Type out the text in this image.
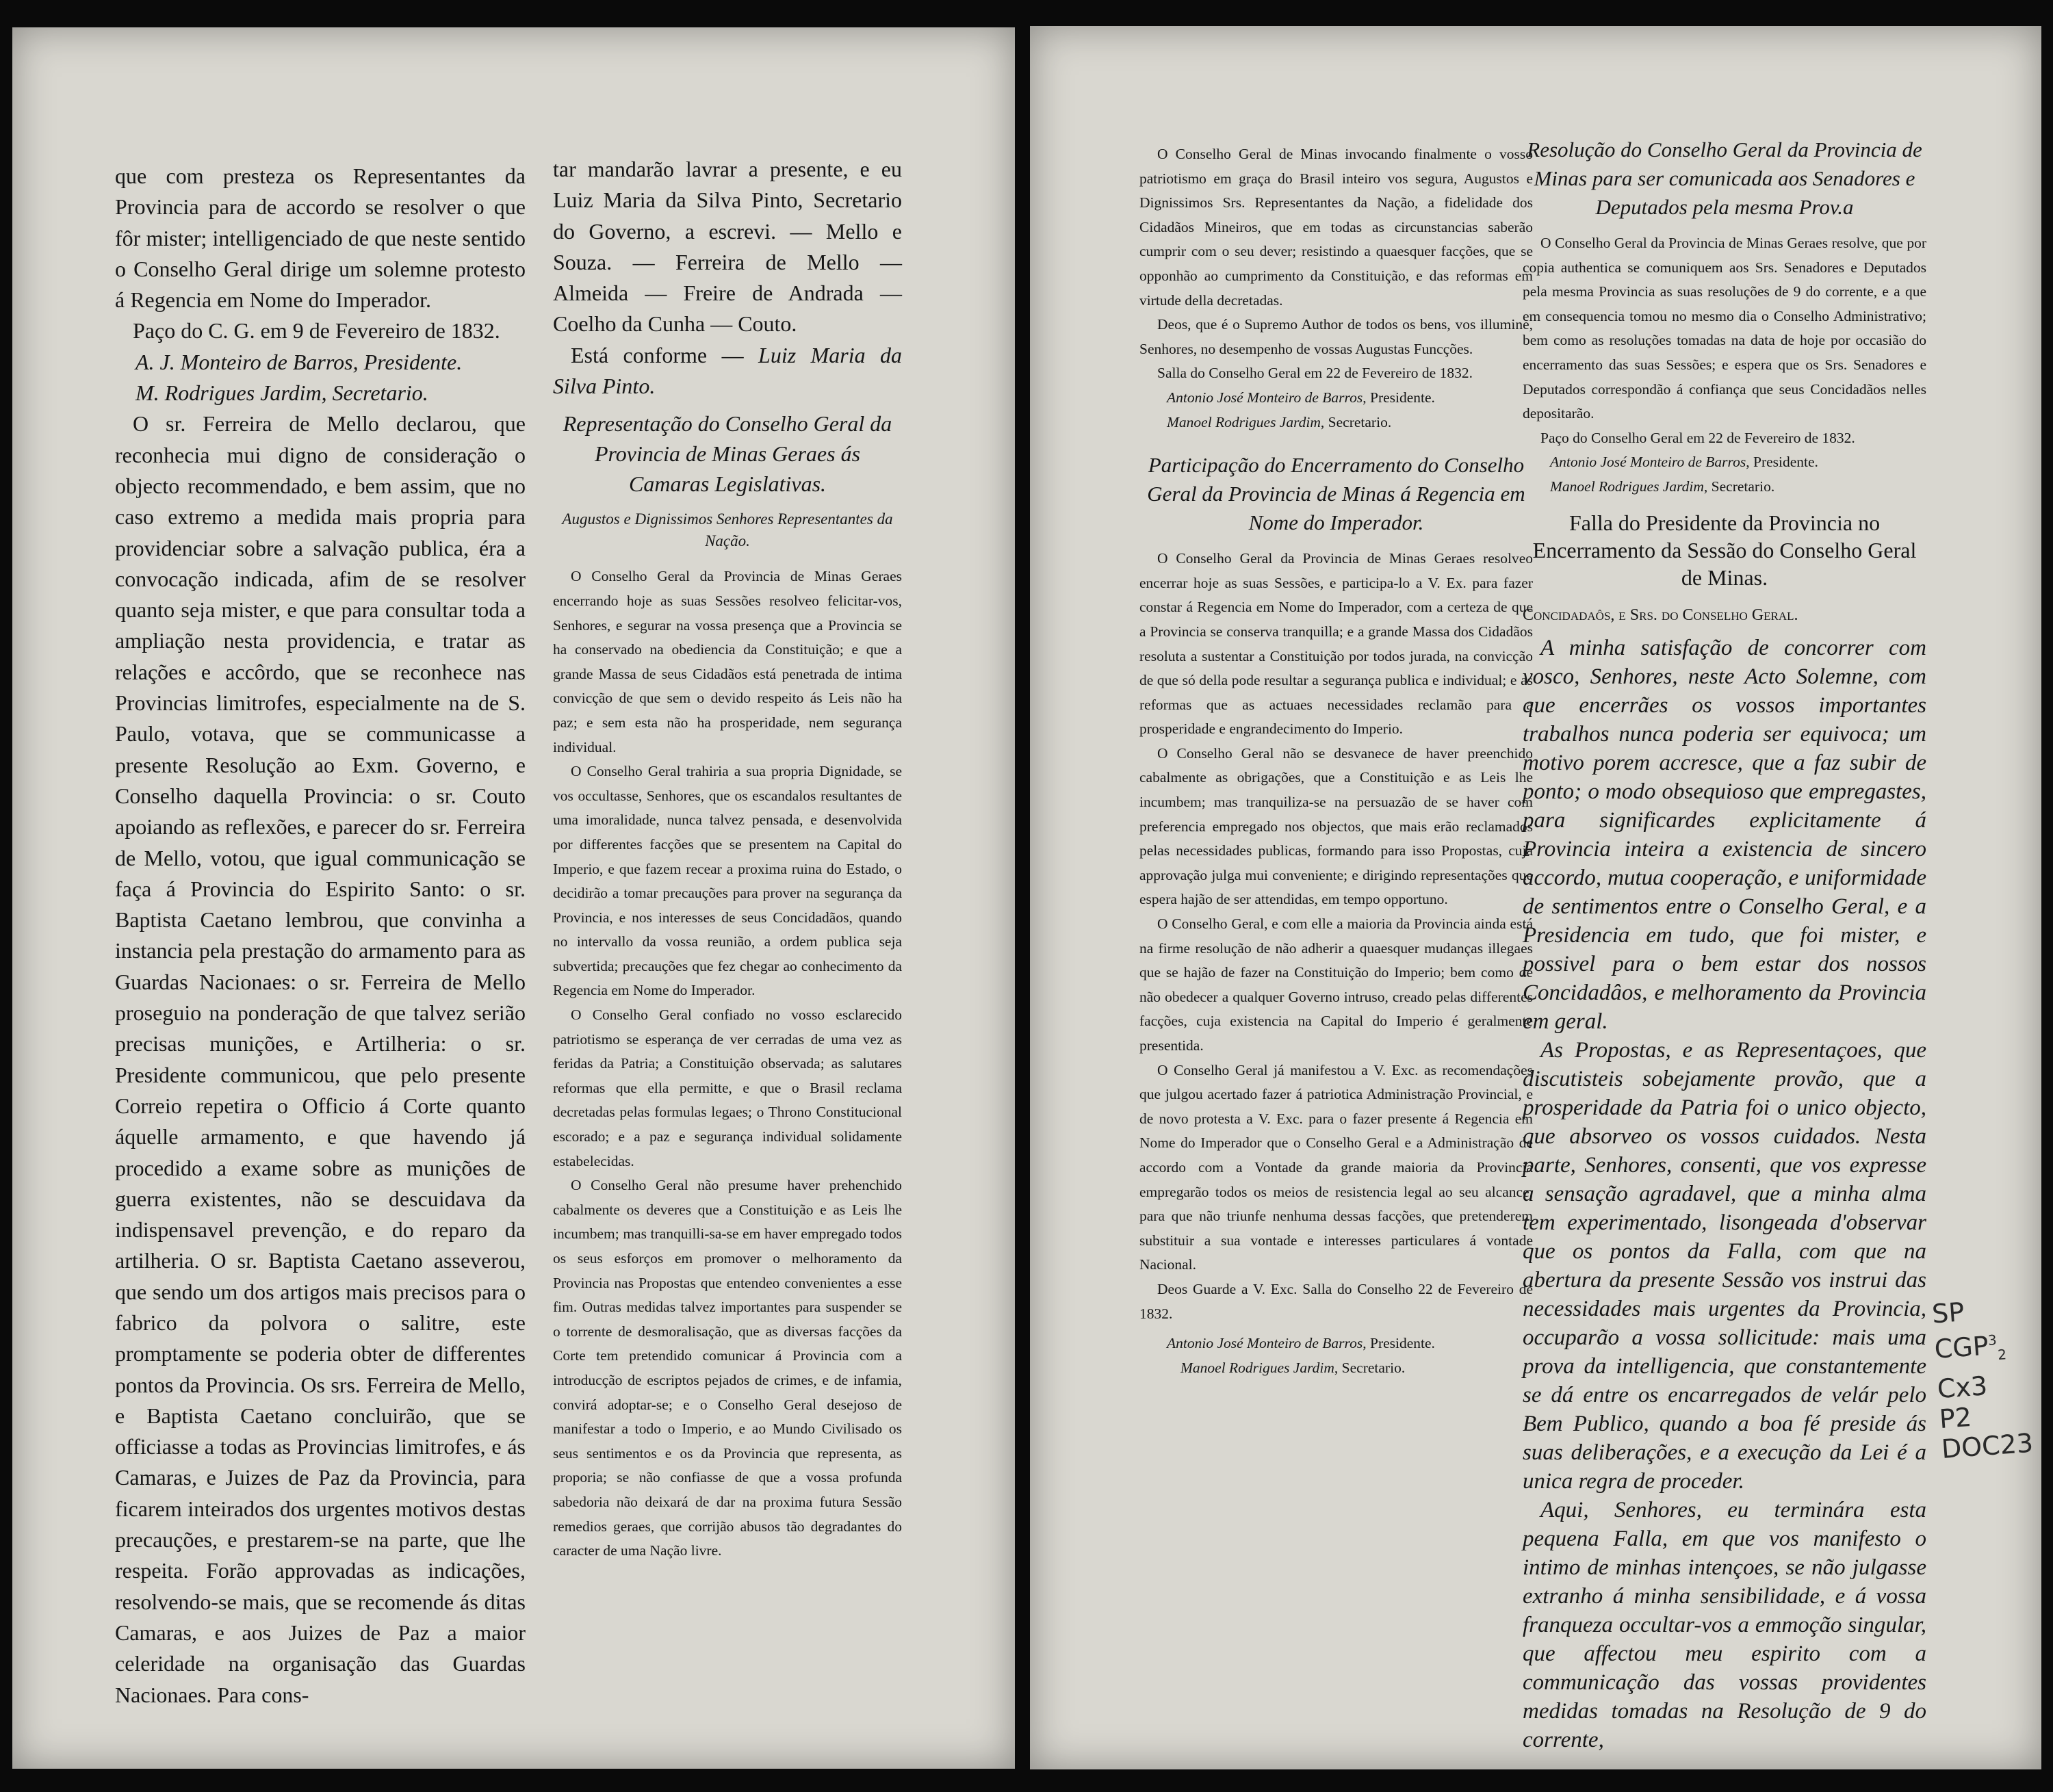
que com presteza os Representantes da Provincia para de accordo se resolver o que fôr mister; intelligenciado de que neste sentido o Conselho Geral dirige um solemne protesto á Regencia em Nome do Imperador.

Paço do C. G. em 9 de Fevereiro de 1832.

A. J. Monteiro de Barros, Presidente.

M. Rodrigues Jardim, Secretario.

O sr. Ferreira de Mello declarou, que reconhecia mui digno de consideração o objecto recommendado, e bem assim, que no caso extremo a medida mais propria para providenciar sobre a salvação publica, éra a convocação indicada, afim de se resolver quanto seja mister, e que para consultar toda a ampliação nesta providencia, e tratar as relações e accôrdo, que se reconhece nas Provincias limitrofes, especialmente na de S. Paulo, votava, que se communicasse a presente Resolução ao Exm. Governo, e Conselho daquella Provincia: o sr. Couto apoiando as reflexões, e parecer do sr. Ferreira de Mello, votou, que igual communicação se faça á Provincia do Espirito Santo: o sr. Baptista Caetano lembrou, que convinha a instancia pela prestação do armamento para as Guardas Nacionaes: o sr. Ferreira de Mello proseguio na ponderação de que talvez serião precisas munições, e Artilheria: o sr. Presidente communicou, que pelo presente Correio repetira o Officio á Corte quanto áquelle armamento, e que havendo já procedido a exame sobre as munições de guerra existentes, não se descuidava da indispensavel prevenção, e do reparo da artilheria. O sr. Baptista Caetano asseverou, que sendo um dos artigos mais precisos para o fabrico da polvora o salitre, este promptamente se poderia obter de differentes pontos da Provincia. Os srs. Ferreira de Mello, e Baptista Caetano concluirão, que se officiasse a todas as Provincias limitrofes, e ás Camaras, e Juizes de Paz da Provincia, para ficarem inteirados dos urgentes motivos destas precauções, e prestarem-se na parte, que lhe respeita. Forão approvadas as indicações, resolvendo-se mais, que se recomende ás ditas Camaras, e aos Juizes de Paz a maior celeridade na organisação das Guardas Nacionaes. Para cons-

tar mandarão lavrar a presente, e eu Luiz Maria da Silva Pinto, Secretario do Governo, a escrevi. — Mello e Souza. — Ferreira de Mello — Almeida — Freire de Andrada — Coelho da Cunha — Couto.

Está conforme — Luiz Maria da Silva Pinto.

Representação do Conselho Geral da Provincia de Minas Geraes ás Camaras Legislativas.
Augustos e Dignissimos Senhores Representantes da Nação.

O Conselho Geral da Provincia de Minas Geraes encerrando hoje as suas Sessões resolveo felicitar-vos, Senhores, e segurar na vossa presença que a Provincia se ha conservado na obediencia da Constituição; e que a grande Massa de seus Cidadãos está penetrada de intima convicção de que sem o devido respeito ás Leis não ha paz; e sem esta não ha prosperidade, nem segurança individual.

O Conselho Geral trahiria a sua propria Dignidade, se vos occultasse, Senhores, que os escandalos resultantes de uma imoralidade, nunca talvez pensada, e desenvolvida por differentes facções que se presentem na Capital do Imperio, e que fazem recear a proxima ruina do Estado, o decidirão a tomar precauções para prover na segurança da Provincia, e nos interesses de seus Concidadãos, quando no intervallo da vossa reunião, a ordem publica seja subvertida; precauções que fez chegar ao conhecimento da Regencia em Nome do Imperador.

O Conselho Geral confiado no vosso esclarecido patriotismo se esperança de ver cerradas de uma vez as feridas da Patria; a Constituição observada; as salutares reformas que ella permitte, e que o Brasil reclama decretadas pelas formulas legaes; o Throno Constitucional escorado; e a paz e segurança individual solidamente estabelecidas.

O Conselho Geral não presume haver prehenchido cabalmente os deveres que a Constituição e as Leis lhe incumbem; mas tranquilli-sa-se em haver empregado todos os seus esforços em promover o melhoramento da Provincia nas Propostas que entendeo convenientes a esse fim. Outras medidas talvez importantes para suspender se o torrente de desmoralisação, que as diversas facções da Corte tem pretendido comunicar á Provincia com a introducção de escriptos pejados de crimes, e de infamia, convirá adoptar-se; e o Conselho Geral desejoso de manifestar a todo o Imperio, e ao Mundo Civilisado os seus sentimentos e os da Provincia que representa, as proporia; se não confiasse de que a vossa profunda sabedoria não deixará de dar na proxima futura Sessão remedios geraes, que corrijão abusos tão degradantes do caracter de uma Nação livre.

O Conselho Geral de Minas invocando finalmente o vosso patriotismo em graça do Brasil inteiro vos segura, Augustos e Dignissimos Srs. Representantes da Nação, a fidelidade dos Cidadãos Mineiros, que em todas as circunstancias saberão cumprir com o seu dever; resistindo a quaesquer facções, que se opponhão ao cumprimento da Constituição, e das reformas em virtude della decretadas.

Deos, que é o Supremo Author de todos os bens, vos illumine, Senhores, no desempenho de vossas Augustas Funcções.

Salla do Conselho Geral em 22 de Fevereiro de 1832.

Antonio José Monteiro de Barros, Presidente.

Manoel Rodrigues Jardim, Secretario.

Participação do Encerramento do Conselho Geral da Provincia de Minas á Regencia em Nome do Imperador.

O Conselho Geral da Provincia de Minas Geraes resolveo encerrar hoje as suas Sessões, e participa-lo a V. Ex. para fazer constar á Regencia em Nome do Imperador, com a certeza de que a Provincia se conserva tranquilla; e a grande Massa dos Cidadãos resoluta a sustentar a Constituição por todos jurada, na convicção de que só della pode resultar a segurança publica e individual; e as reformas que as actuaes necessidades reclamão para a prosperidade e engrandecimento do Imperio.

O Conselho Geral não se desvanece de haver preenchido cabalmente as obrigações, que a Constituição e as Leis lhe incumbem; mas tranquiliza-se na persuazão de se haver com preferencia empregado nos objectos, que mais erão reclamados pelas necessidades publicas, formando para isso Propostas, cuja approvação julga mui conveniente; e dirigindo representações que espera hajão de ser attendidas, em tempo opportuno.

O Conselho Geral, e com elle a maioria da Provincia ainda está na firme resolução de não adherir a quaesquer mudanças illegaes que se hajão de fazer na Constituição do Imperio; bem como de não obedecer a qualquer Governo intruso, creado pelas differentes facções, cuja existencia na Capital do Imperio é geralmente presentida.

O Conselho Geral já manifestou a V. Exc. as recomendações que julgou acertado fazer á patriotica Administração Provincial, e de novo protesta a V. Exc. para o fazer presente á Regencia em Nome do Imperador que o Conselho Geral e a Administração de accordo com a Vontade da grande maioria da Provincia empregarão todos os meios de resistencia legal ao seu alcance, para que não triunfe nenhuma dessas facções, que pretenderem substituir a sua vontade e interesses particulares á vontade Nacional.

Deos Guarde a V. Exc. Salla do Conselho 22 de Fevereiro de 1832.

Antonio José Monteiro de Barros, Presidente.

Manoel Rodrigues Jardim, Secretario.

Resolução do Conselho Geral da Provincia de Minas para ser comunicada aos Senadores e Deputados pela mesma Prov.a

O Conselho Geral da Provincia de Minas Geraes resolve, que por copia authentica se comuniquem aos Srs. Senadores e Deputados pela mesma Provincia as suas resoluções de 9 do corrente, e a que em consequencia tomou no mesmo dia o Conselho Administrativo; bem como as resoluções tomadas na data de hoje por occasião do encerramento das suas Sessões; e espera que os Srs. Senadores e Deputados correspondão á confiança que seus Concidadãos nelles depositarão.

Paço do Conselho Geral em 22 de Fevereiro de 1832.

Antonio José Monteiro de Barros, Presidente.

Manoel Rodrigues Jardim, Secretario.

Falla do Presidente da Provincia no Encerramento da Sessão do Conselho Geral de Minas.
Concidadaôs, e Srs. do Conselho Geral.

A minha satisfação de concorrer com vosco, Senhores, neste Acto Solemne, com que encerrães os vossos importantes trabalhos nunca poderia ser equivoca; um motivo porem accresce, que a faz subir de ponto; o modo obsequioso que empregastes, para significardes explicitamente á Provincia inteira a existencia de sincero accordo, mutua cooperação, e uniformidade de sentimentos entre o Conselho Geral, e a Presidencia em tudo, que foi mister, e possivel para o bem estar dos nossos Concidadâos, e melhoramento da Provincia em geral.

As Propostas, e as Representaçoes, que discutisteis sobejamente provão, que a prosperidade da Patria foi o unico objecto, que absorveo os vossos cuidados. Nesta parte, Senhores, consenti, que vos expresse a sensação agradavel, que a minha alma tem experimentado, lisongeada d'observar que os pontos da Falla, com que na abertura da presente Sessão vos instrui das necessidades mais urgentes da Provincia, occuparão a vossa sollicitude: mais uma prova da intelligencia, que constantemente se dá entre os encarregados de velár pelo Bem Publico, quando a boa fé preside ás suas deliberações, e a execução da Lei é a unica regra de proceder.

Aqui, Senhores, eu terminára esta pequena Falla, em que vos manifesto o intimo de minhas intençoes, se não julgasse extranho á minha sensibilidade, e á vossa franqueza occultar-vos a emmoção singular, que affectou meu espirito com a communicação das vossas providentes medidas tomadas na Resolução de 9 do corrente,

SP
$CGP^3_2$
Cx3
P2
DOC23
